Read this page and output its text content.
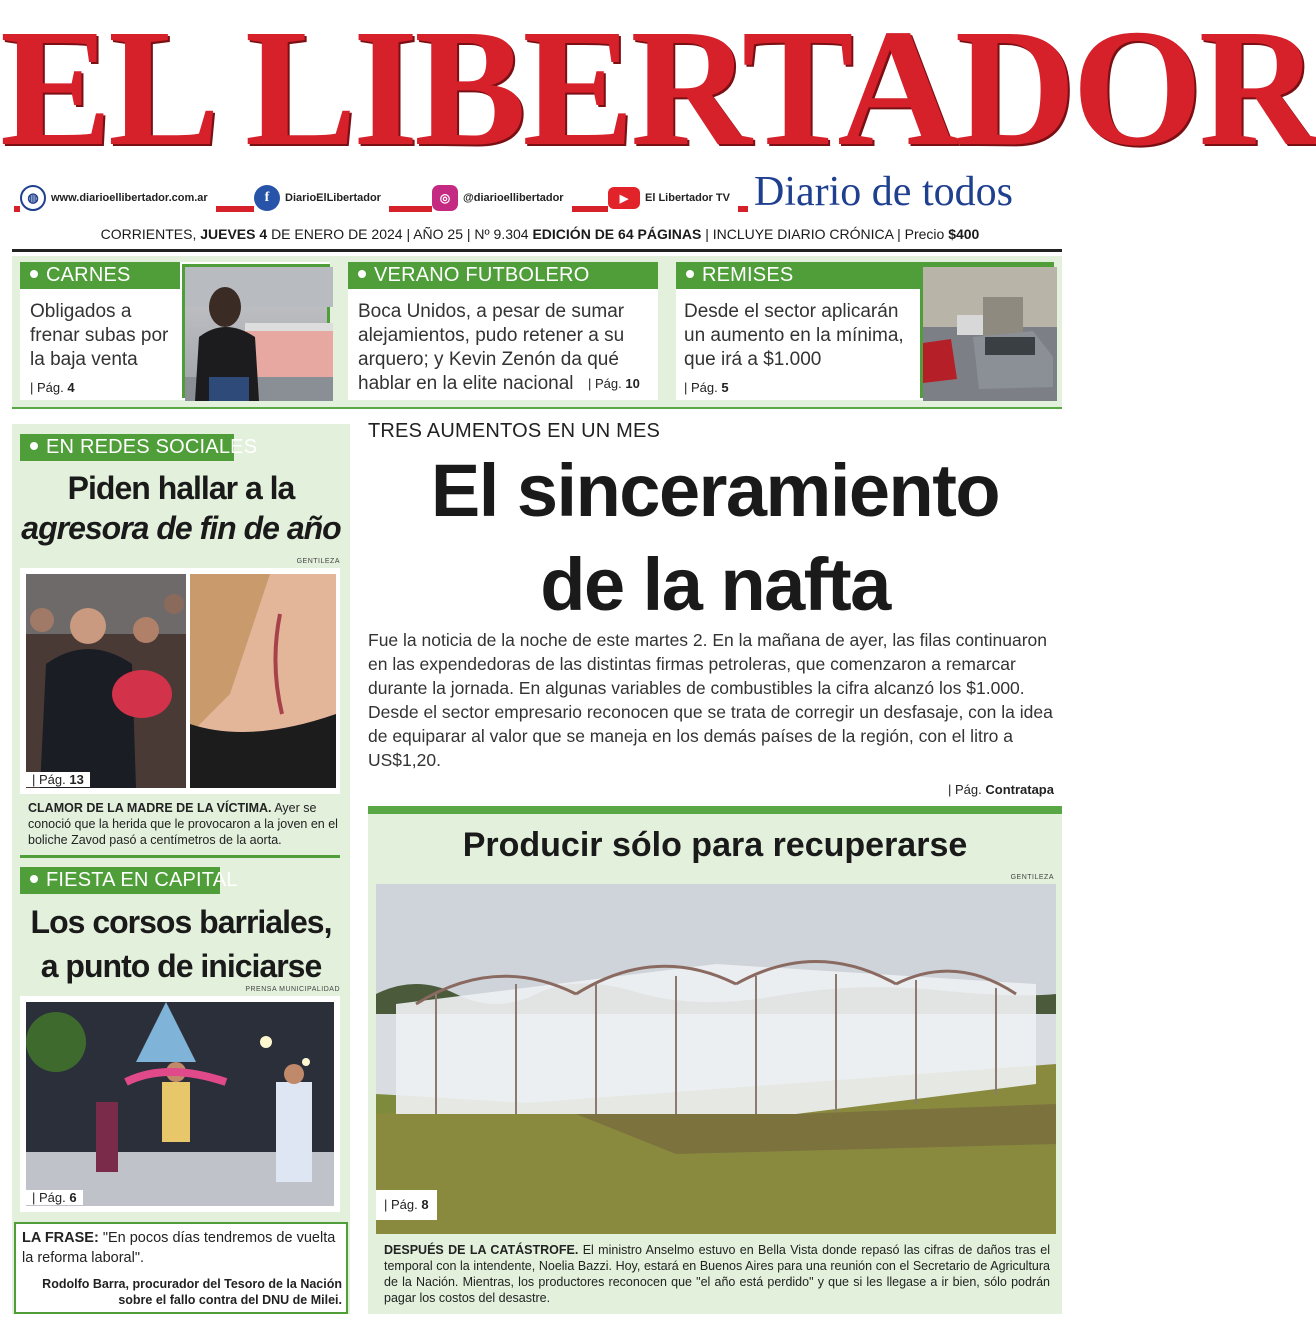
EL LIBERTADOR
◍	www.diarioellibertador.com.ar	f	DiarioElLibertador	◎	@diarioellibertador	▶	El Libertador TV Diario de todos
CORRIENTES, JUEVES 4 DE ENERO DE 2024 | AÑO 25 | Nº 9.304 EDICIÓN DE 64 PÁGINAS | INCLUYE DIARIO CRÓNICA | Precio $400
CARNES
Obligados a frenar subas por la baja venta
| Pág. 4
VERANO FUTBOLERO
Boca Unidos, a pesar de sumar alejamientos, pudo retener a su arquero; y Kevin Zenón da qué hablar en la elite nacional	| Pág. 10
REMISES
Desde el sector aplicarán un aumento en la mínima, que irá a $1.000
| Pág. 5
EN REDES SOCIALES
Piden hallar a la
agresora de fin de año
GENTILEZA
| Pág. 13
CLAMOR DE LA MADRE DE LA VÍCTIMA. Ayer se conoció que la herida que le provocaron a la joven en el boliche Zavod pasó a centímetros de la aorta.
FIESTA EN CAPITAL
Los corsos barriales,
a punto de iniciarse
PRENSA MUNICIPALIDAD
| Pág. 6
LA FRASE: "En pocos días tendremos de vuelta la reforma laboral".
Rodolfo Barra, procurador del Tesoro de la Nación sobre el fallo contra del DNU de Milei.
TRES AUMENTOS EN UN MES
El sinceramiento
de la nafta
Fue la noticia de la noche de este martes 2. En la mañana de ayer, las filas continuaron en las expendedoras de las distintas firmas petroleras, que comenzaron a remarcar durante la jornada. En algunas variables de combustibles la cifra alcanzó los $1.000. Desde el sector empresario reconocen que se trata de corregir un desfasaje, con la idea de equiparar al valor que se maneja en los demás países de la región, con el litro a US$1,20.
| Pág. Contratapa
Producir sólo para recuperarse
GENTILEZA
| Pág. 8
DESPUÉS DE LA CATÁSTROFE. El ministro Anselmo estuvo en Bella Vista donde repasó las cifras de daños tras el temporal con la intendente, Noelia Bazzi. Hoy, estará en Buenos Aires para una reunión con el Secretario de Agricultura de la Nación. Mientras, los productores reconocen que "el año está perdido" y que si les llegase a ir bien, sólo podrán pagar los costos del desastre.
